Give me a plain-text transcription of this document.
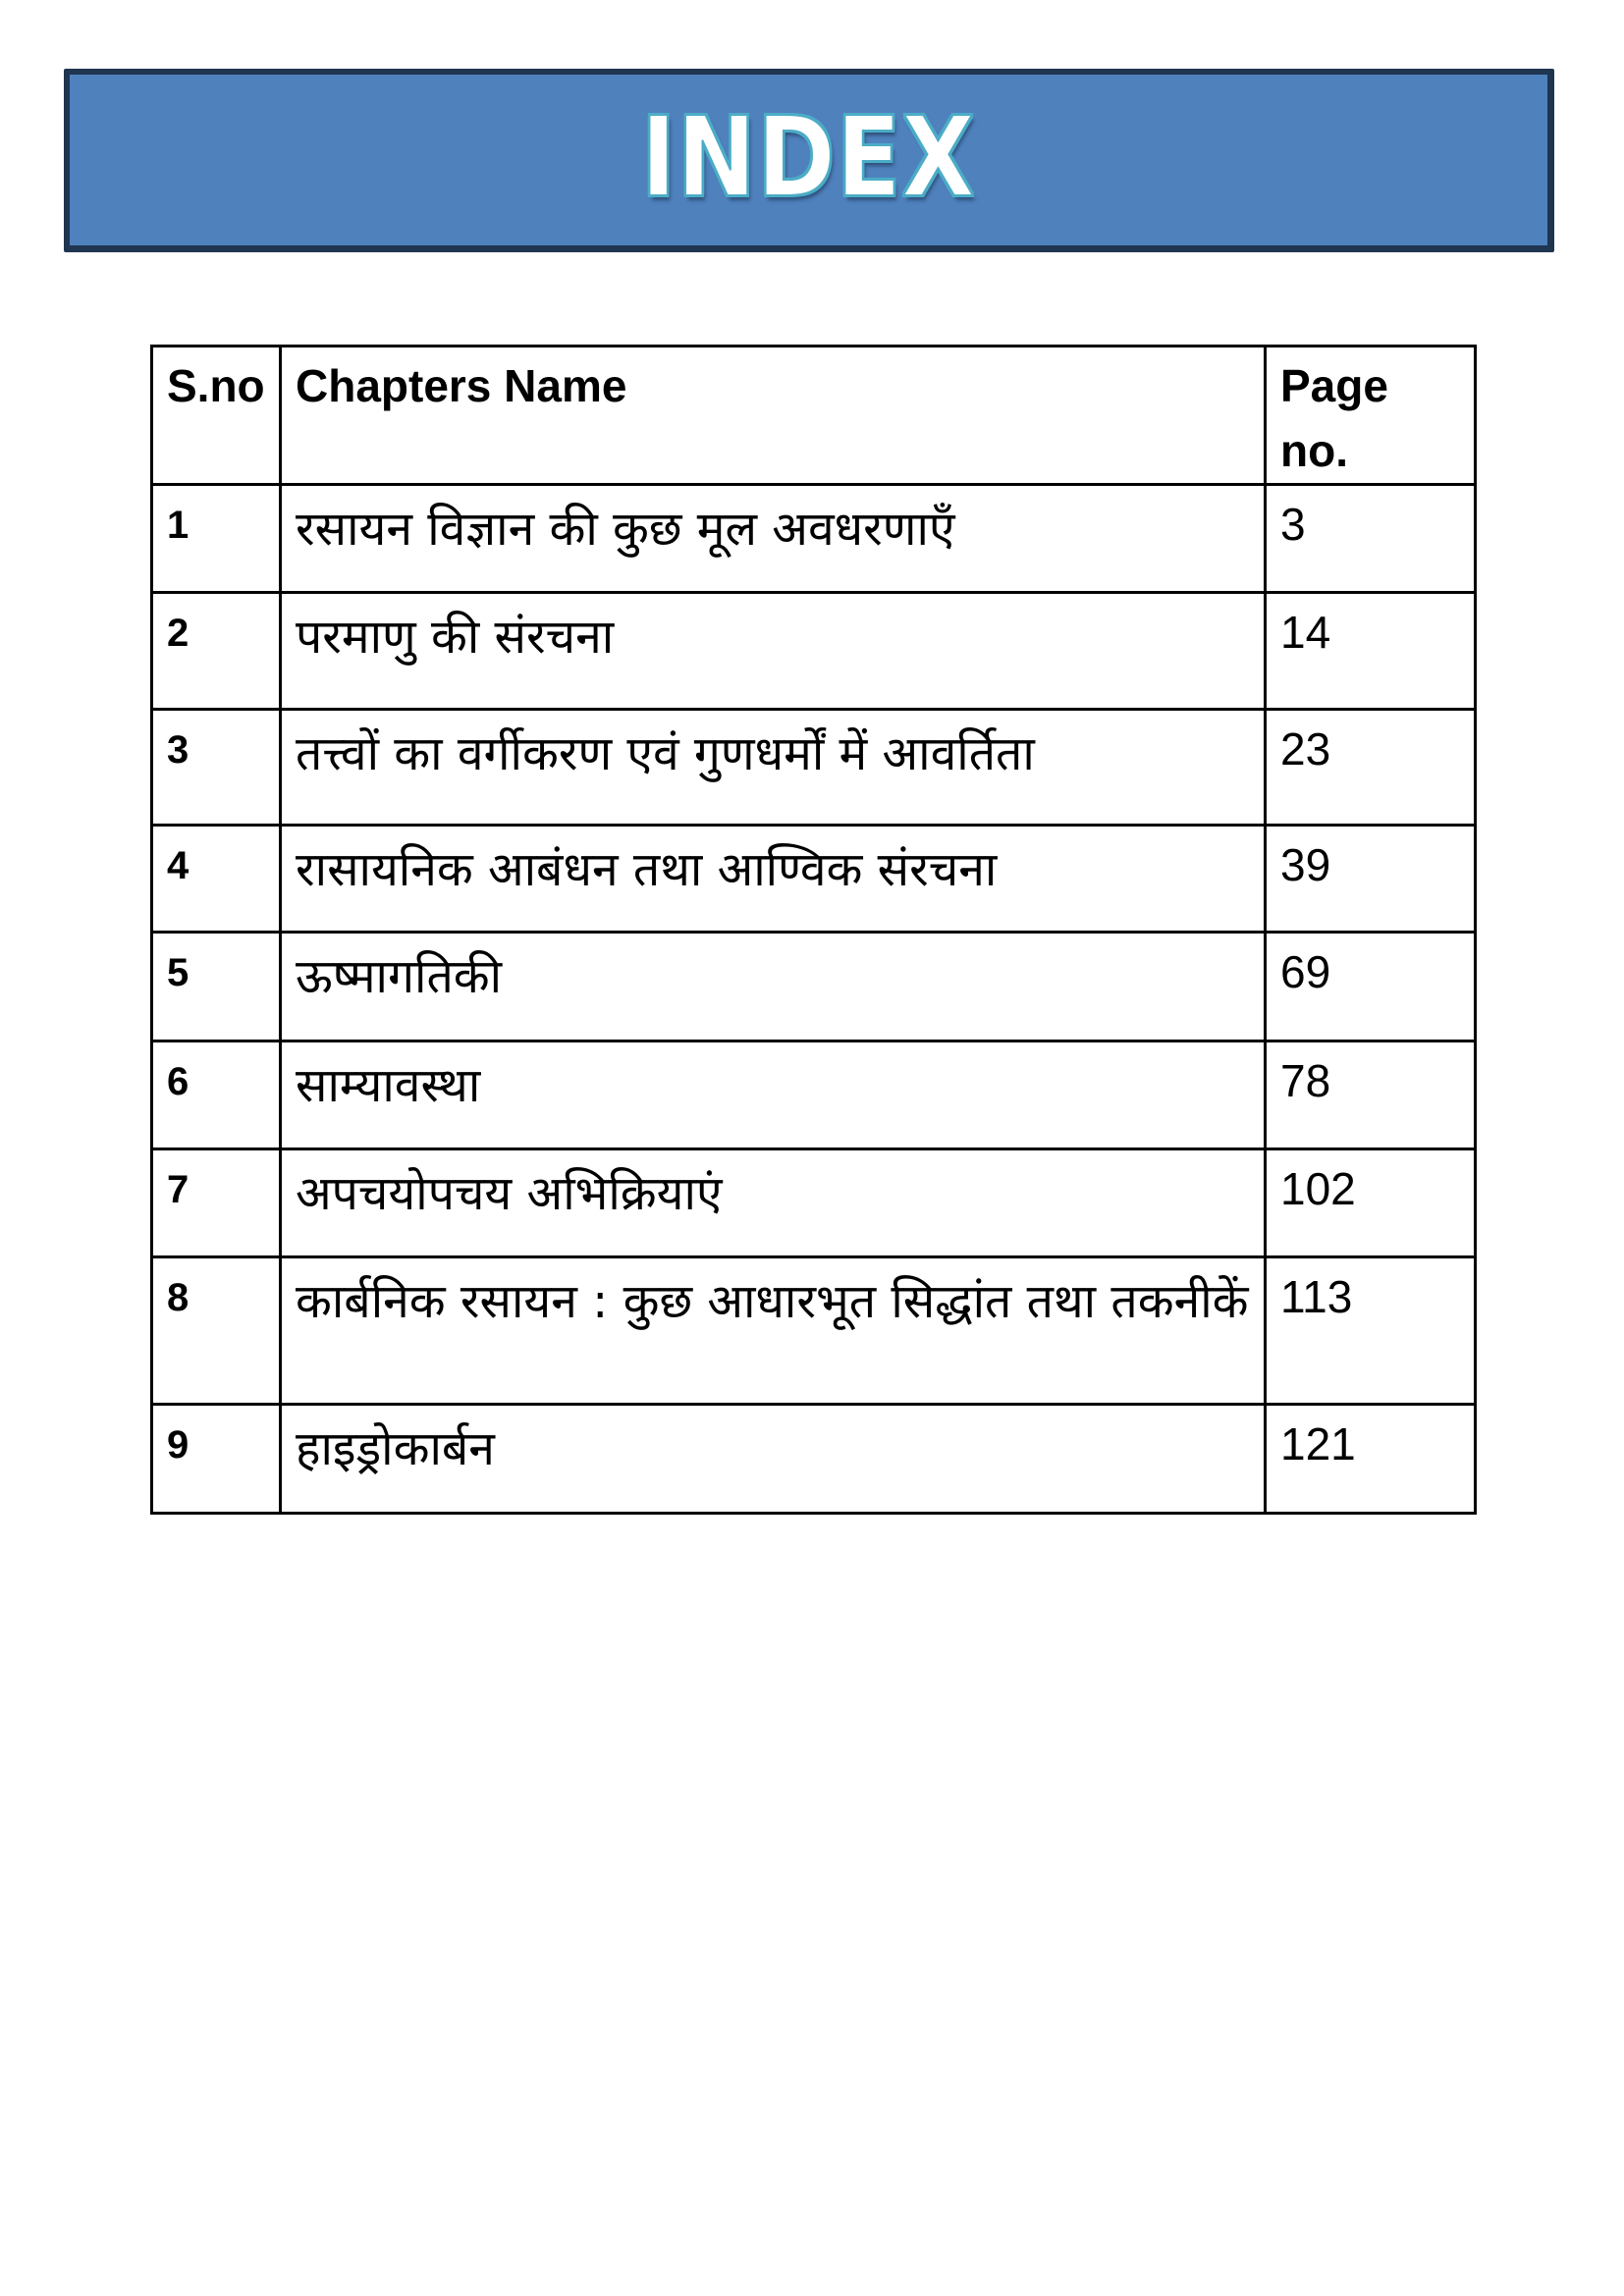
INDEX
S.no	Chapters Name	Page
no.

1	रसायन विज्ञान की कुछ मूल अवधरणाएँ	3

2	परमाणु की संरचना	14

3	तत्त्वों का वर्गीकरण एवं गुणधर्मों में आवर्तिता	23

4	रासायनिक आबंधन तथा आण्विक संरचना	39

5	ऊष्मागतिकी	69

6	साम्यावस्था	78

7	अपचयोपचय अभिक्रियाएं	102

8	कार्बनिक रसायन : कुछ आधारभूत सिद्धांत तथा तकनीकें	113

9	हाइड्रोकार्बन	121
